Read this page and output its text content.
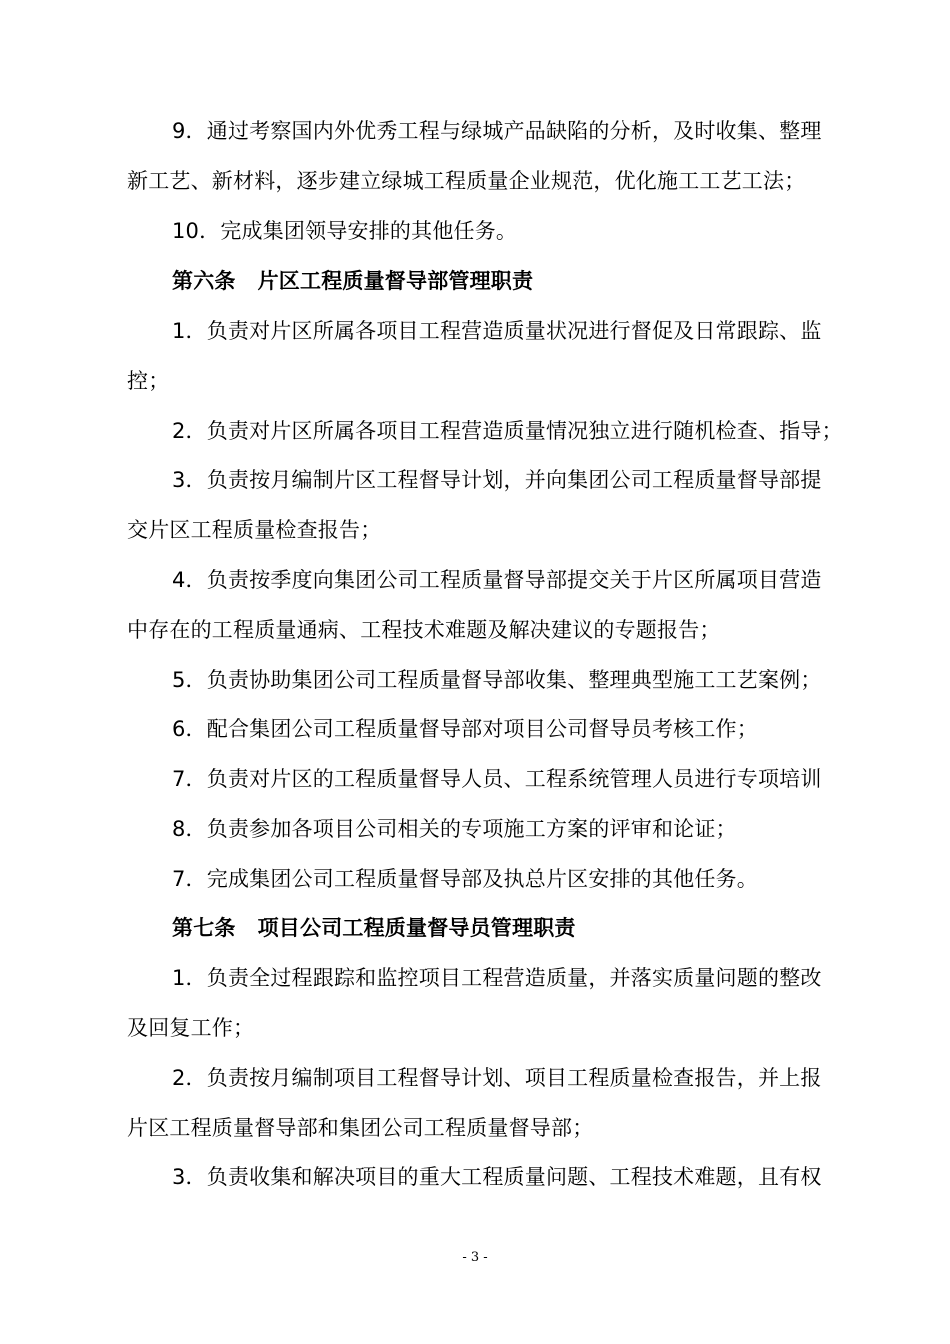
9．通过考察国内外优秀工程与绿城产品缺陷的分析，及时收集、整理
新工艺、新材料，逐步建立绿城工程质量企业规范，优化施工工艺工法；
10．完成集团领导安排的其他任务。
第六条 片区工程质量督导部管理职责
1．负责对片区所属各项目工程营造质量状况进行督促及日常跟踪、监
控；
2．负责对片区所属各项目工程营造质量情况独立进行随机检查、指导；
3．负责按月编制片区工程督导计划，并向集团公司工程质量督导部提
交片区工程质量检查报告；
4．负责按季度向集团公司工程质量督导部提交关于片区所属项目营造
中存在的工程质量通病、工程技术难题及解决建议的专题报告；
5．负责协助集团公司工程质量督导部收集、整理典型施工工艺案例；
6．配合集团公司工程质量督导部对项目公司督导员考核工作；
7．负责对片区的工程质量督导人员、工程系统管理人员进行专项培训
8．负责参加各项目公司相关的专项施工方案的评审和论证；
7．完成集团公司工程质量督导部及执总片区安排的其他任务。
第七条 项目公司工程质量督导员管理职责
1．负责全过程跟踪和监控项目工程营造质量，并落实质量问题的整改
及回复工作；
2．负责按月编制项目工程督导计划、项目工程质量检查报告，并上报
片区工程质量督导部和集团公司工程质量督导部；
3．负责收集和解决项目的重大工程质量问题、工程技术难题，且有权
- 3 -
